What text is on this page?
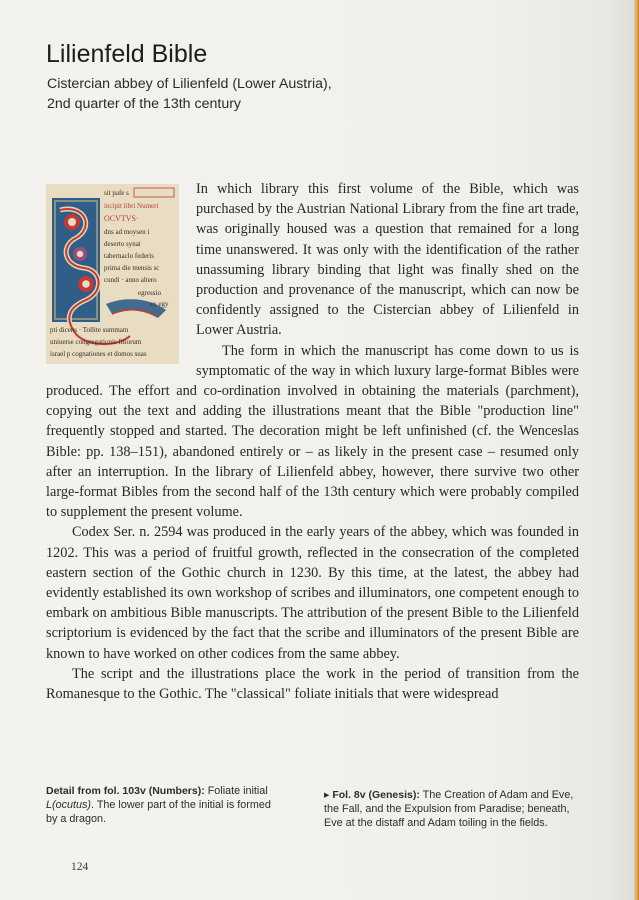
Lilienfeld Bible
Cistercian abbey of Lilienfeld (Lower Austria),
2nd quarter of the 13th century
sit pafe s
incipit libri Numeri
OCVTVS·
dns ad moysen i
deserto synai
tabernaclo federis
prima die mensis sc
cundi · anno altero
egressio
ex egy
pti dicens · Tollite summam
uniuerse congregationis filiorum
israel p cognationes et domos suas

In which library this first volume of the Bible, which was purchased by the Austrian National Library from the fine art trade, was originally housed was a question that remained for a long time unanswered. It was only with the identification of the rather unassuming library binding that light was finally shed on the production and provenance of the manuscript, which can now be confidently assigned to the Cistercian abbey of Lilienfeld in Lower Austria.

The form in which the manuscript has come down to us is symptomatic of the way in which luxury large-format Bibles were produced. The effort and co-ordination involved in obtaining the materials (parchment), copying out the text and adding the illustrations meant that the Bible "production line" frequently stopped and started. The decoration might be left unfinished (cf. the Wenceslas Bible: pp. 138–151), abandoned entirely or – as likely in the present case – resumed only after an interruption. In the library of Lilienfeld abbey, however, there survive two other large-format Bibles from the second half of the 13th century which were probably compiled to supplement the present volume.

Codex Ser. n. 2594 was produced in the early years of the abbey, which was founded in 1202. This was a period of fruitful growth, reflected in the consecration of the completed eastern section of the Gothic church in 1230. By this time, at the latest, the abbey had evidently established its own workshop of scribes and illuminators, one competent enough to embark on ambitious Bible manuscripts. The attribution of the present Bible to the Lilienfeld scriptorium is evidenced by the fact that the scribe and illuminators of the present Bible are known to have worked on other codices from the same abbey.

The script and the illustrations place the work in the period of transition from the Romanesque to the Gothic. The "classical" foliate initials that were widespread

Detail from fol. 103v (Numbers): Foliate initial L(ocutus). The lower part of the initial is formed by a dragon.
▸ Fol. 8v (Genesis): The Creation of Adam and Eve, the Fall, and the Expulsion from Paradise; beneath, Eve at the distaff and Adam toiling in the fields.
124
